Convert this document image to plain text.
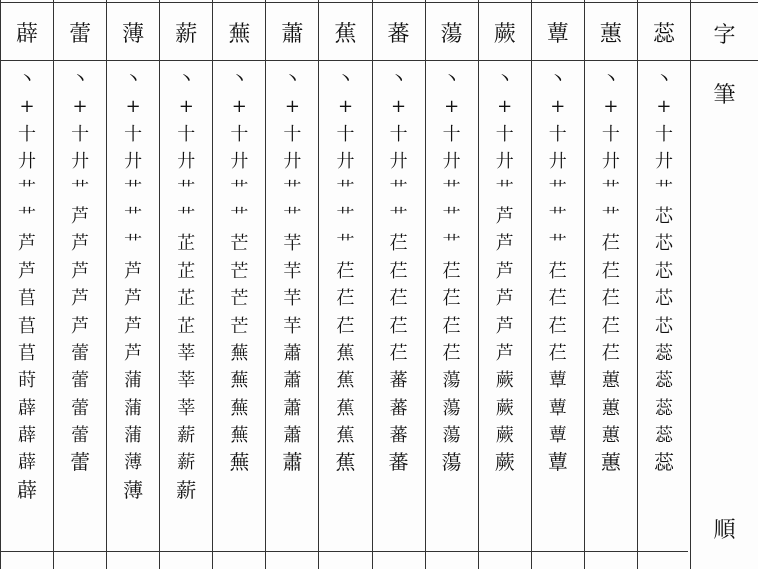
薜
丶
+
十
廾
艹
艹
芦
芦
苢
苢
苢
莳
薜
薜
薜
薜
蕾
丶
+
十
廾
艹
芦
芦
芦
芦
芦
蕾
蕾
蕾
蕾
蕾
薄
丶
+
十
廾
艹
艹
艹
芦
芦
芦
芦
蒲
蒲
蒲
薄
薄
薪
丶
+
十
廾
艹
艹
芷
芷
芷
芷
莘
莘
莘
薪
薪
薪
蕪
丶
+
十
廾
艹
艹
芒
芒
芒
芒
蕪
蕪
蕪
蕪
蕪
蕭
丶
+
十
廾
艹
艹
芉
芉
芉
芉
蕭
蕭
蕭
蕭
蕭
蕉
丶
+
十
廾
艹
艹
艹
芢
芢
芢
蕉
蕉
蕉
蕉
蕉
蕃
丶
+
十
廾
艹
艹
芢
芢
芢
芢
芢
蕃
蕃
蕃
蕃
蕩
丶
+
十
廾
艹
艹
艹
芢
芢
芢
芢
蕩
蕩
蕩
蕩
蕨
丶
+
十
廾
艹
芦
芦
芦
芦
芦
芦
蕨
蕨
蕨
蕨
蕈
丶
+
十
廾
艹
艹
艹
芢
芢
芢
芢
蕈
蕈
蕈
蕈
蕙
丶
+
十
廾
艹
艹
芢
芢
芢
芢
芢
蕙
蕙
蕙
蕙
蕊
丶
+
十
廾
艹
芯
芯
芯
芯
芯
蕊
蕊
蕊
蕊
蕊
字
筆
順
